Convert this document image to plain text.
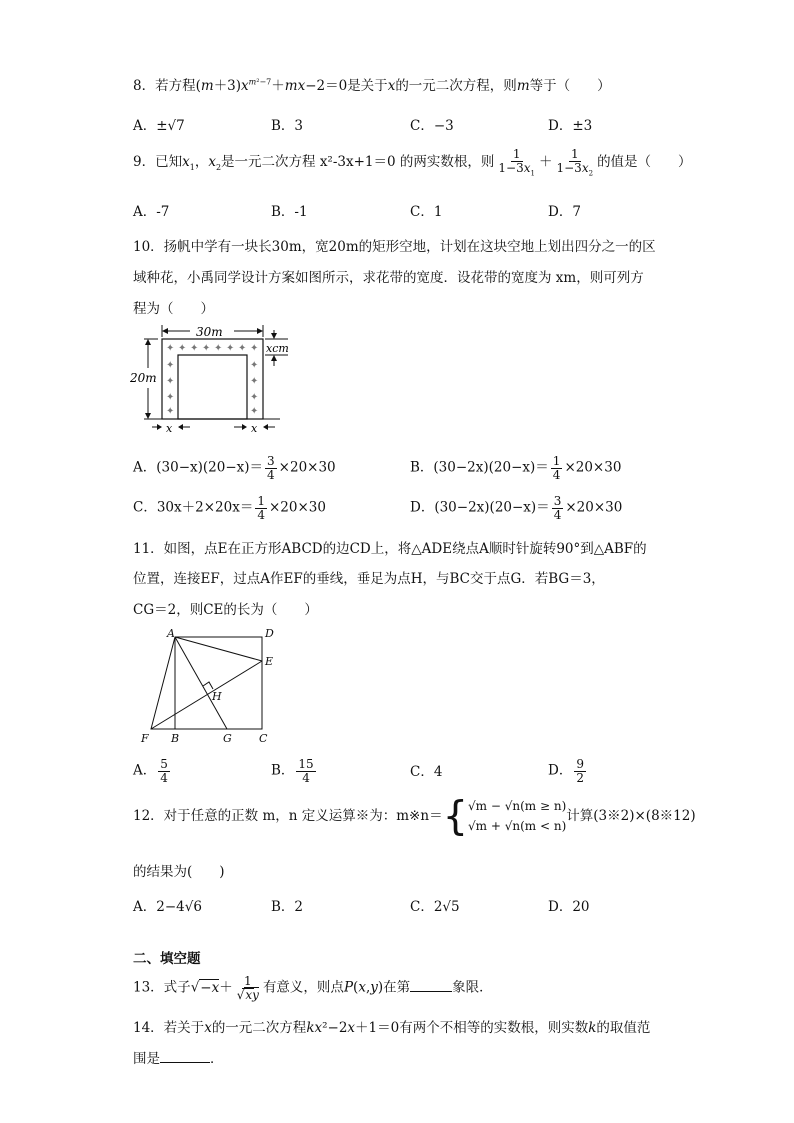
8．若方程$(m+3)x^{m^2-7}+mx-2=0$是关于x的一元二次方程，则m等于（　　）
A．±√7	B．3	C．−3	D．±3
9．已知$x_1$，$x_2$是一元二次方程 x²-3x+1＝0 的两实数根，则 $\frac{1}{1-3x_1} + \frac{1}{1-3x_2}$ 的值是（　　）
A．-7	B．-1	C．1	D．7
10．扬帆中学有一块长30m，宽20m的矩形空地，计划在这块空地上划出四分之一的区
域种花，小禹同学设计方案如图所示，求花带的宽度．设花带的宽度为 xm，则可列方
程为（　　）
30m
20m
xcm
x	x
✦ ✦ ✦ ✦ ✦ ✦ ✦ ✦
✦
✦
✦
✦
✦
✦
✦
✦
A．$(30-x)(20-x)= \frac{3}{4} \times 20\times 30$	B．$(30-2x)(20-x)= \frac{1}{4} \times 20\times 30$
C．$30x+2\times 20x= \frac{1}{4} \times 20\times 30$	D．$(30-2x)(20-x)= \frac{3}{4} \times 20\times 30$
11．如图，点E在正方形ABCD的边CD上，将△ADE绕点A顺时针旋转90°到△ABF的
位置，连接EF，过点A作EF的垂线，垂足为点H，与BC交于点G．若BG＝3，
CG＝2，则CE的长为（　　）
A	D
E
H
F B	G C
A． $\frac{5}{4}$	B． $\frac{15}{4}$	C．4	D． $\frac{9}{2}$
12．对于任意的正数 m，n 定义运算※为：m※n＝{ √m − √n(m ≥ n)
√m + √n(m < n)
计算(3※2)×(8※12)
的结果为(　　)
A．2−4√6	B．2	C．2√5	D．20
二、填空题
13．式子$√-x+ \frac{1}{√xy}$ 有意义，则点P(x,y)在第	象限．
14．若关于x的一元二次方程kx²−2x＋1＝0有两个不相等的实数根，则实数k的取值范
围是	．
